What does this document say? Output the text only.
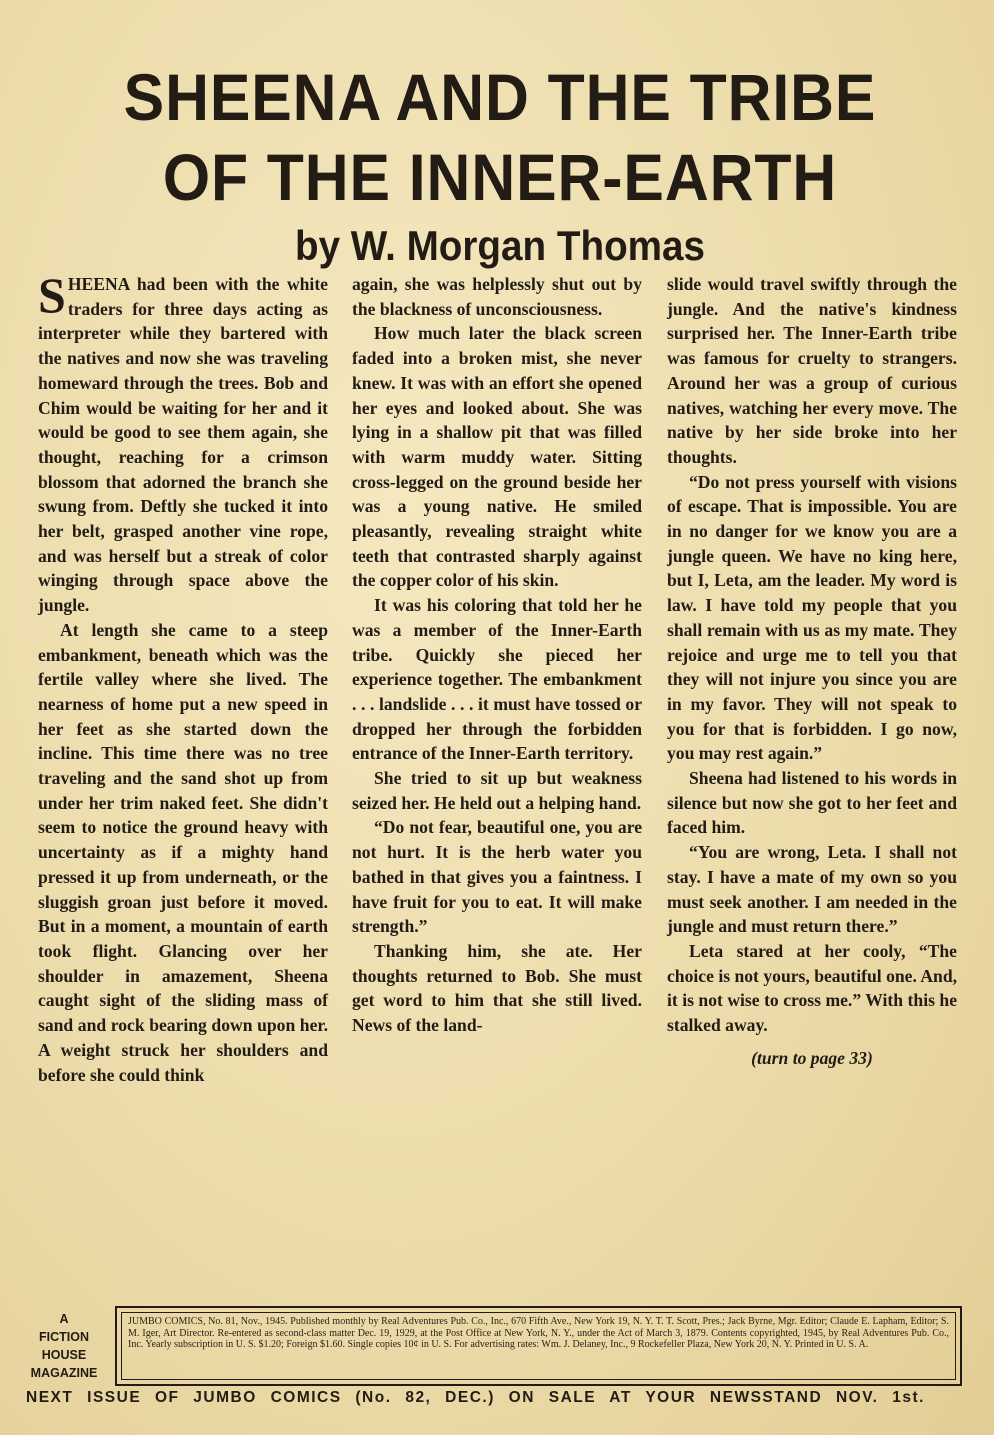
SHEENA AND THE TRIBE
OF THE INNER-EARTH
by W. Morgan Thomas

SHEENA had been with the white traders for three days acting as interpreter while they bartered with the natives and now she was traveling homeward through the trees. Bob and Chim would be waiting for her and it would be good to see them again, she thought, reaching for a crimson blossom that adorned the branch she swung from. Deftly she tucked it into her belt, grasped another vine rope, and was herself but a streak of color winging through space above the jungle.

At length she came to a steep embankment, beneath which was the fertile valley where she lived. The nearness of home put a new speed in her feet as she started down the incline. This time there was no tree traveling and the sand shot up from under her trim naked feet. She didn't seem to notice the ground heavy with uncertainty as if a mighty hand pressed it up from underneath, or the sluggish groan just before it moved. But in a moment, a mountain of earth took flight. Glancing over her shoulder in amazement, Sheena caught sight of the sliding mass of sand and rock bearing down upon her. A weight struck her shoulders and before she could think

again, she was helplessly shut out by the blackness of unconsciousness.

How much later the black screen faded into a broken mist, she never knew. It was with an effort she opened her eyes and looked about. She was lying in a shallow pit that was filled with warm muddy water. Sitting cross-legged on the ground beside her was a young native. He smiled pleasantly, revealing straight white teeth that contrasted sharply against the copper color of his skin.

It was his coloring that told her he was a member of the Inner-Earth tribe. Quickly she pieced her experience together. The embankment . . . landslide . . . it must have tossed or dropped her through the forbidden entrance of the Inner-Earth territory.

She tried to sit up but weakness seized her. He held out a helping hand.

“Do not fear, beautiful one, you are not hurt. It is the herb water you bathed in that gives you a faintness. I have fruit for you to eat. It will make strength.”

Thanking him, she ate. Her thoughts returned to Bob. She must get word to him that she still lived. News of the land-

slide would travel swiftly through the jungle. And the native's kindness surprised her. The Inner-Earth tribe was famous for cruelty to strangers. Around her was a group of curious natives, watching her every move. The native by her side broke into her thoughts.

“Do not press yourself with visions of escape. That is impossible. You are in no danger for we know you are a jungle queen. We have no king here, but I, Leta, am the leader. My word is law. I have told my people that you shall remain with us as my mate. They rejoice and urge me to tell you that they will not injure you since you are in my favor. They will not speak to you for that is forbidden. I go now, you may rest again.”

Sheena had listened to his words in silence but now she got to her feet and faced him.

“You are wrong, Leta. I shall not stay. I have a mate of my own so you must seek another. I am needed in the jungle and must return there.”

Leta stared at her cooly, “The choice is not yours, beautiful one. And, it is not wise to cross me.” With this he stalked away.

(turn to page 33)

A
FICTION
HOUSE
MAGAZINE
JUMBO COMICS, No. 81, Nov., 1945. Published monthly by Real Adventures Pub. Co., Inc., 670 Fifth Ave., New York 19, N. Y. T. T. Scott, Pres.; Jack Byrne, Mgr. Editor; Claude E. Lapham, Editor; S. M. Iger, Art Director. Re-entered as second-class matter Dec. 19, 1929, at the Post Office at New York, N. Y., under the Act of March 3, 1879. Contents copyrighted, 1945, by Real Adventures Pub. Co., Inc. Yearly subscription in U. S. $1.20; Foreign $1.60. Single copies 10¢ in U. S. For advertising rates: Wm. J. Delaney, Inc., 9 Rockefeller Plaza, New York 20, N. Y. Printed in U. S. A.
NEXT ISSUE OF JUMBO COMICS (No. 82, DEC.) ON SALE AT YOUR NEWSSTAND NOV. 1st.
